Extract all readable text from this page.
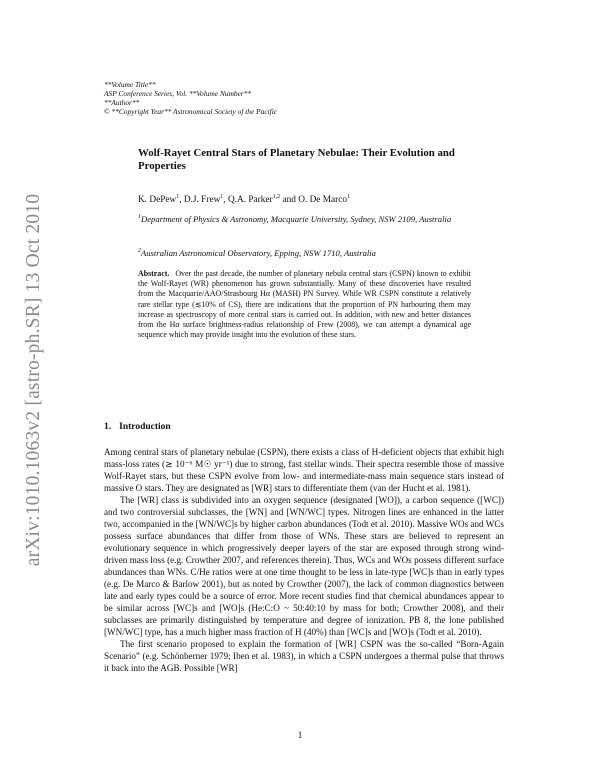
arXiv:1010.1063v2 [astro-ph.SR] 13 Oct 2010
**Volume Title**
ASP Conference Series, Vol. **Volume Number**
**Author**
© **Copyright Year** Astronomical Society of the Pacific
Wolf-Rayet Central Stars of Planetary Nebulae: Their Evolution and Properties
K. DePew$^1$, D.J. Frew$^1$, Q.A. Parker$^{1,2}$ and O. De Marco$^1$
$^1$Department of Physics & Astronomy, Macquarie University, Sydney, NSW 2109, Australia
$^2$Australian Astronomical Observatory, Epping, NSW 1710, Australia
Abstract. Over the past decade, the number of planetary nebula central stars (CSPN) known to exhibit the Wolf-Rayet (WR) phenomenon has grown substantially. Many of these discoveries have resulted from the Macquarie/AAO/Strasbourg Hα (MASH) PN Survey. While WR CSPN constitute a relatively rare stellar type (≲10% of CS), there are indications that the proportion of PN harbouring them may increase as spectroscopy of more central stars is carried out. In addition, with new and better distances from the Hα surface brightness-radius relationship of Frew (2008), we can attempt a dynamical age sequence which may provide insight into the evolution of these stars.
1. Introduction

Among central stars of planetary nebulae (CSPN), there exists a class of H-deficient objects that exhibit high mass-loss rates (≳ 10⁻⁶ M☉ yr⁻¹) due to strong, fast stellar winds. Their spectra resemble those of massive Wolf-Rayet stars, but these CSPN evolve from low- and intermediate-mass main sequence stars instead of massive O stars. They are designated as [WR] stars to differentiate them (van der Hucht et al. 1981).

The [WR] class is subdivided into an oxygen sequence (designated [WO]), a carbon sequence ([WC]) and two controversial subclasses, the [WN] and [WN/WC] types. Nitrogen lines are enhanced in the latter two, accompanied in the [WN/WC]s by higher carbon abundances (Todt et al. 2010). Massive WOs and WCs possess surface abundances that differ from those of WNs. These stars are believed to represent an evolutionary sequence in which progressively deeper layers of the star are exposed through strong wind-driven mass loss (e.g. Crowther 2007, and references therein). Thus, WCs and WOs possess different surface abundances than WNs. C/He ratios were at one time thought to be less in late-type [WC]s than in early types (e.g. De Marco & Barlow 2001), but as noted by Crowther (2007), the lack of common diagnostics between late and early types could be a source of error. More recent studies find that chemical abundances appear to be similar across [WC]s and [WO]s (He:C:O ~ 50:40:10 by mass for both; Crowther 2008), and their subclasses are primarily distinguished by temperature and degree of ionization. PB 8, the lone published [WN/WC] type, has a much higher mass fraction of H (40%) than [WC]s and [WO]s (Todt et al. 2010).

The first scenario proposed to explain the formation of [WR] CSPN was the so-called “Born-Again Scenario” (e.g. Schönberner 1979; Iben et al. 1983), in which a CSPN undergoes a thermal pulse that throws it back into the AGB. Possible [WR]

1
